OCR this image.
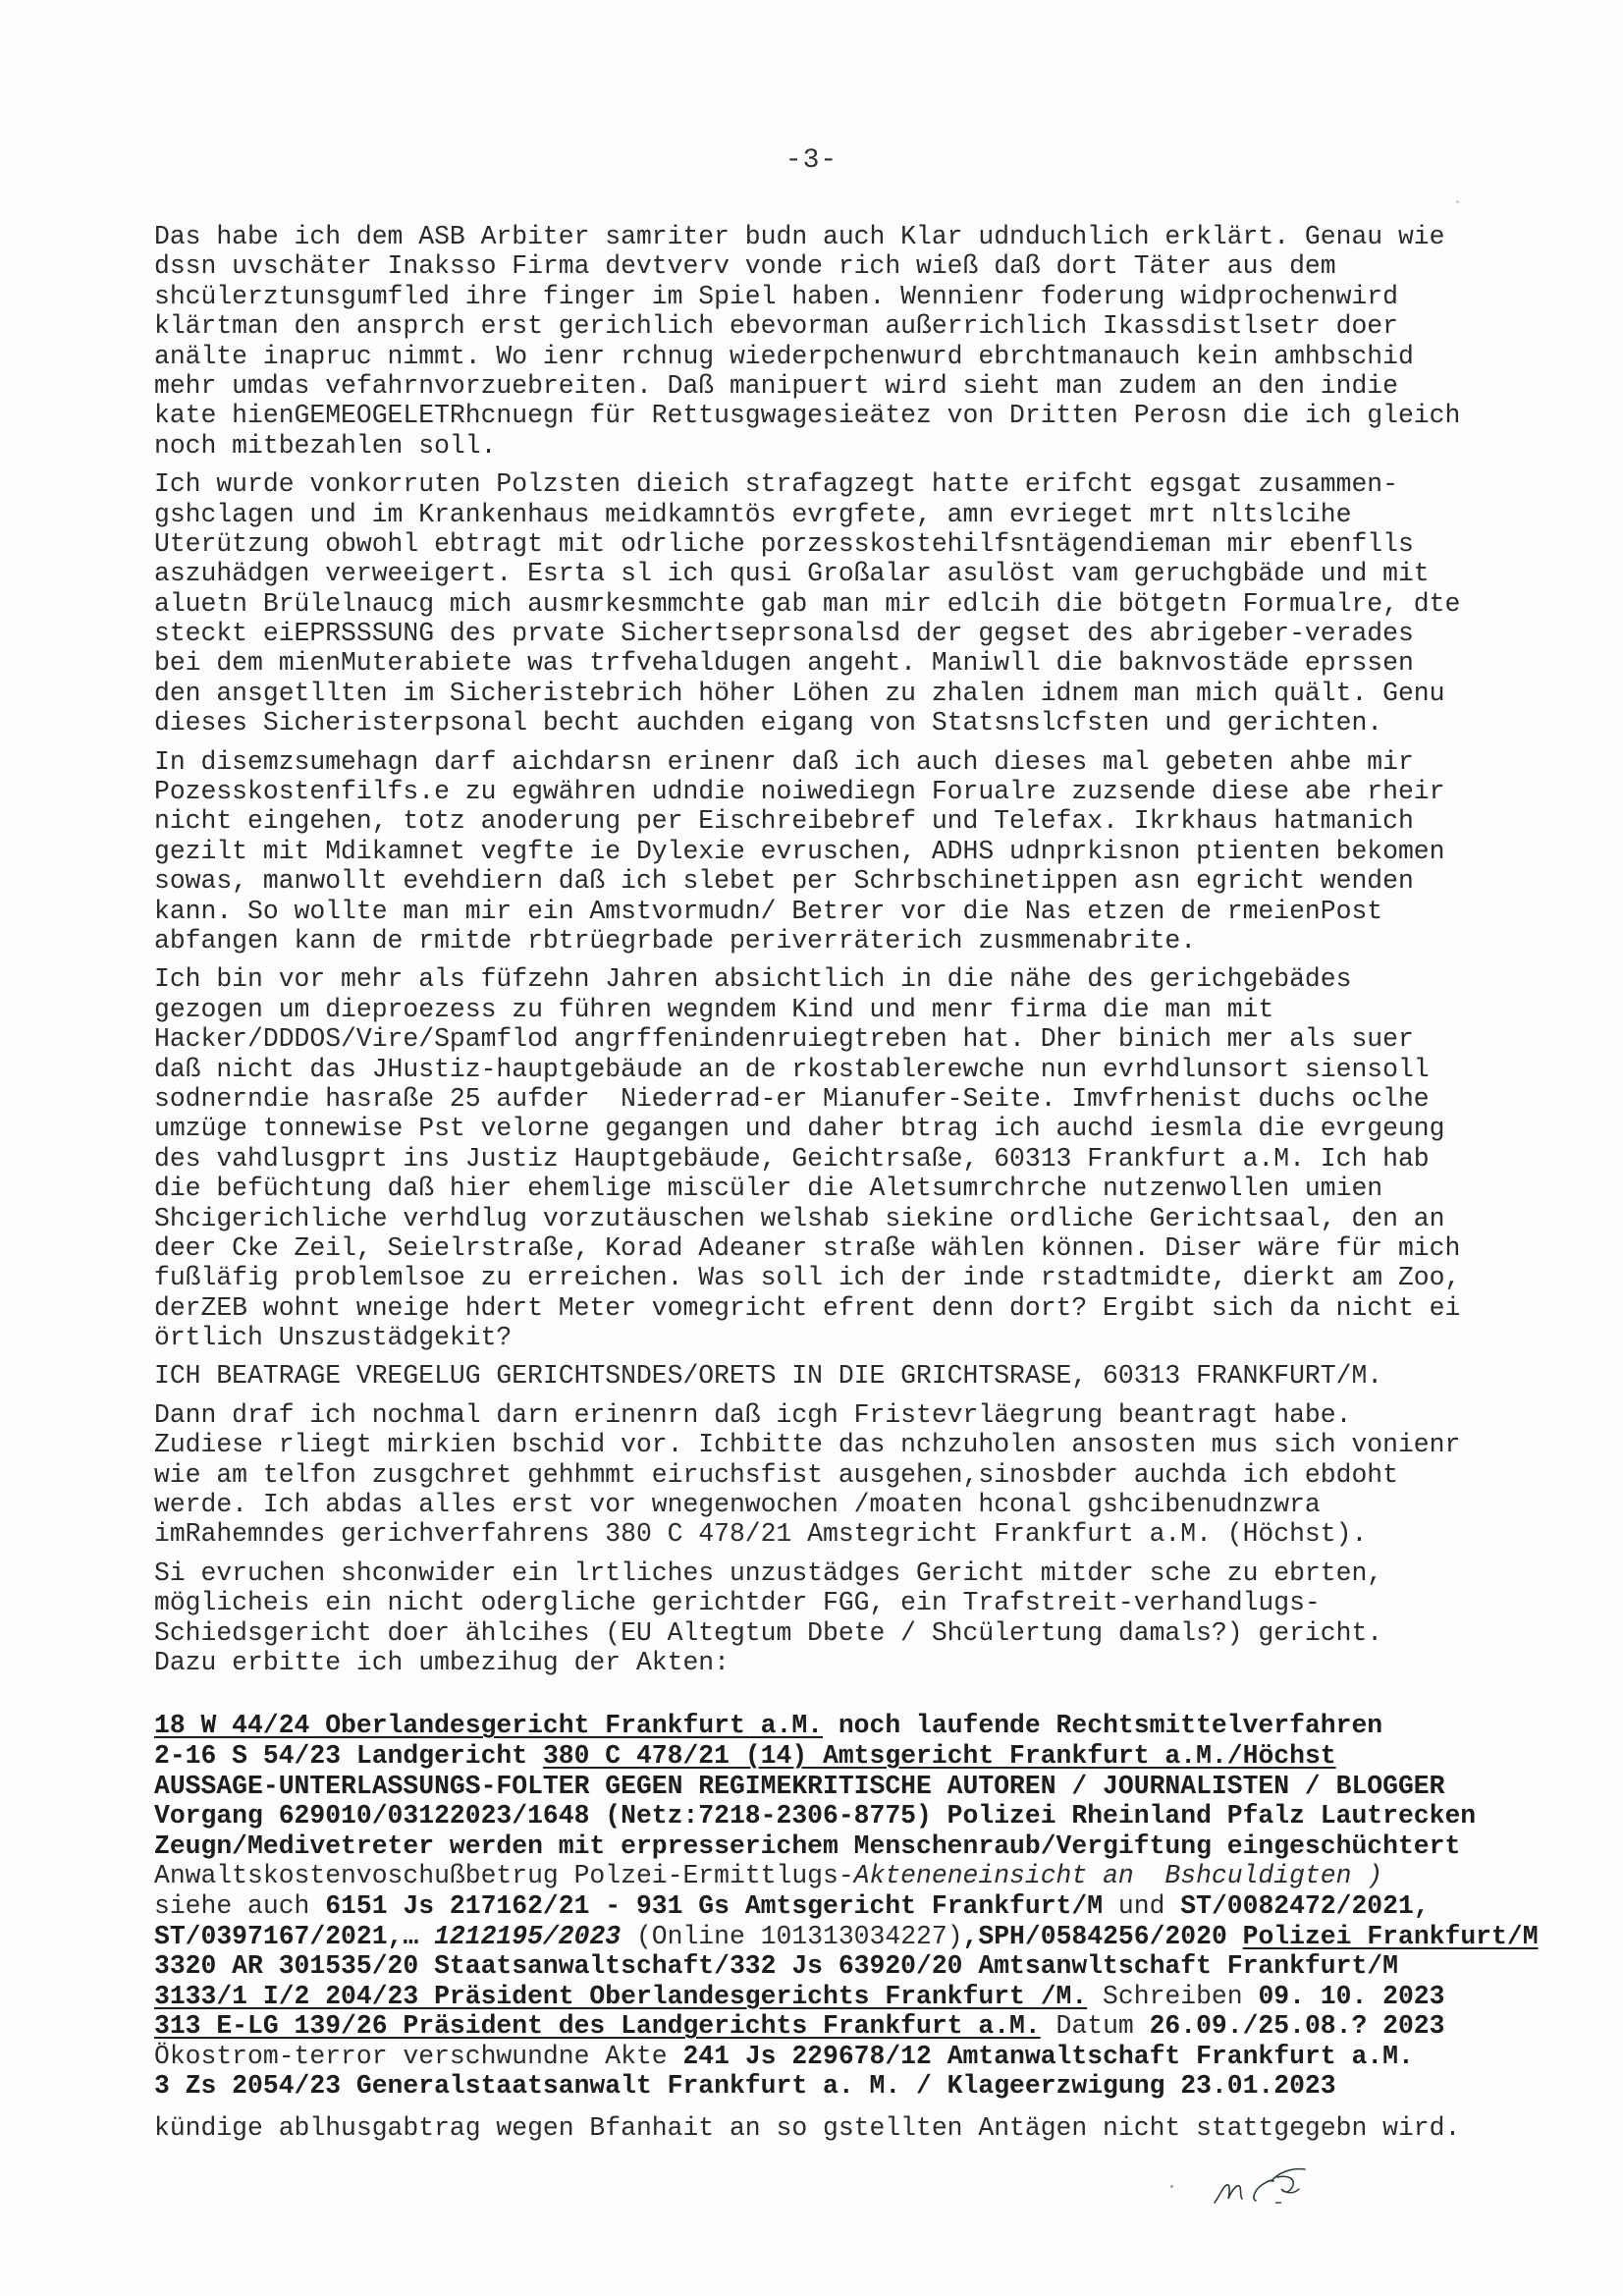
-3-
Das habe ich dem ASB Arbiter samriter budn auch Klar udnduchlich erklärt. Genau wie
dssn uvschäter Inaksso Firma devtverv vonde rich wieß daß dort Täter aus dem
shcülerztunsgumfled ihre finger im Spiel haben. Wennienr foderung widprochenwird
klärtman den ansprch erst gerichlich ebevorman außerrichlich Ikassdistlsetr doer
anälte inapruc nimmt. Wo ienr rchnug wiederpchenwurd ebrchtmanauch kein amhbschid
mehr umdas vefahrnvorzuebreiten. Daß manipuert wird sieht man zudem an den indie
kate hienGEMEOGELETRhcnuegn für Rettusgwagesieätez von Dritten Perosn die ich gleich
noch mitbezahlen soll.
Ich wurde vonkorruten Polzsten dieich strafagzegt hatte erifcht egsgat zusammen-
gshclagen und im Krankenhaus meidkamntös evrgfete, amn evrieget mrt nltslcihe
Uterützung obwohl ebtragt mit odrliche porzesskostehilfsntägendieman mir ebenflls
aszuhädgen verweeigert. Esrta sl ich qusi Großalar asulöst vam geruchgbäde und mit
aluetn Brülelnaucg mich ausmrkesmmchte gab man mir edlcih die bötgetn Formualre, dte
steckt eiEPRSSSUNG des prvate Sichertseprsonalsd der gegset des abrigeber-verades
bei dem mienMuterabiete was trfvehaldugen angeht. Maniwll die baknvostäde eprssen
den ansgetllten im Sicheristebrich höher Löhen zu zhalen idnem man mich quält. Genu
dieses Sicheristerpsonal becht auchden eigang von Statsnslcfsten und gerichten.
In disemzsumehagn darf aichdarsn erinenr daß ich auch dieses mal gebeten ahbe mir
Pozesskostenfilfs.e zu egwähren udndie noiwediegn Forualre zuzsende diese abe rheir
nicht eingehen, totz anoderung per Eischreibebref und Telefax. Ikrkhaus hatmanich
gezilt mit Mdikamnet vegfte ie Dylexie evruschen, ADHS udnprkisnon ptienten bekomen
sowas, manwollt evehdiern daß ich slebet per Schrbschinetippen asn egricht wenden
kann. So wollte man mir ein Amstvormudn/ Betrer vor die Nas etzen de rmeienPost
abfangen kann de rmitde rbtrüegrbade periverräterich zusmmenabrite.
Ich bin vor mehr als füfzehn Jahren absichtlich in die nähe des gerichgebädes
gezogen um dieproezess zu führen wegndem Kind und menr firma die man mit
Hacker/DDDOS/Vire/Spamflod angrffenindenruiegtreben hat. Dher binich mer als suer
daß nicht das JHustiz-hauptgebäude an de rkostablerewche nun evrhdlunsort siensoll
sodnerndie hasraße 25 aufder  Niederrad-er Mianufer-Seite. Imvfrhenist duchs oclhe
umzüge tonnewise Pst velorne gegangen und daher btrag ich auchd iesmla die evrgeung
des vahdlusgprt ins Justiz Hauptgebäude, Geichtrsaße, 60313 Frankfurt a.M. Ich hab
die befüchtung daß hier ehemlige miscüler die Aletsumrchrche nutzenwollen umien
Shcigerichliche verhdlug vorzutäuschen welshab siekine ordliche Gerichtsaal, den an
deer Cke Zeil, Seielrstraße, Korad Adeaner straße wählen können. Diser wäre für mich
fußläfig problemlsoe zu erreichen. Was soll ich der inde rstadtmidte, dierkt am Zoo,
derZEB wohnt wneige hdert Meter vomegricht efrent denn dort? Ergibt sich da nicht ei
örtlich Unszustädgekit?
ICH BEATRAGE VREGELUG GERICHTSNDES/ORETS IN DIE GRICHTSRASE, 60313 FRANKFURT/M.
Dann draf ich nochmal darn erinenrn daß icgh Fristevrläegrung beantragt habe.
Zudiese rliegt mirkien bschid vor. Ichbitte das nchzuholen ansosten mus sich vonienr
wie am telfon zusgchret gehhmmt eiruchsfist ausgehen,sinosbder auchda ich ebdoht
werde. Ich abdas alles erst vor wnegenwochen /moaten hconal gshcibenudnzwra
imRahemndes gerichverfahrens 380 C 478/21 Amstegricht Frankfurt a.M. (Höchst).
Si evruchen shconwider ein lrtliches unzustädges Gericht mitder sche zu ebrten,
möglicheis ein nicht odergliche gerichtder FGG, ein Trafstreit-verhandlugs-
Schiedsgericht doer ählcihes (EU Altegtum Dbete / Shcülertung damals?) gericht.
Dazu erbitte ich umbezihug der Akten:
18 W 44/24 Oberlandesgericht Frankfurt a.M. noch laufende Rechtsmittelverfahren
2-16 S 54/23 Landgericht 380 C 478/21 (14) Amtsgericht Frankfurt a.M./Höchst
AUSSAGE-UNTERLASSUNGS-FOLTER GEGEN REGIMEKRITISCHE AUTOREN / JOURNALISTEN / BLOGGER
Vorgang 629010/03122023/1648 (Netz:7218-2306-8775) Polizei Rheinland Pfalz Lautrecken
Zeugn/Medivetreter werden mit erpresserichem Menschenraub/Vergiftung eingeschüchtert
Anwaltskostenvoschußbetrug Polzei-Ermittlugs-Akteneneinsicht an  Bshculdigten )
siehe auch 6151 Js 217162/21 - 931 Gs Amtsgericht Frankfurt/M und ST/0082472/2021,
ST/0397167/2021,… 1212195/2023 (Online 101313034227),SPH/0584256/2020 Polizei Frankfurt/M
3320 AR 301535/20 Staatsanwaltschaft/332 Js 63920/20 Amtsanwltschaft Frankfurt/M
3133/1 I/2 204/23 Präsident Oberlandesgerichts Frankfurt /M. Schreiben 09. 10. 2023
313 E-LG 139/26 Präsident des Landgerichts Frankfurt a.M. Datum 26.09./25.08.? 2023
Ökostrom-terror verschwundne Akte 241 Js 229678/12 Amtanwaltschaft Frankfurt a.M.
3 Zs 2054/23 Generalstaatsanwalt Frankfurt a. M. / Klageerzwigung 23.01.2023
kündige ablhusgabtrag wegen Bfanhait an so gstellten Antägen nicht stattgegebn wird.
